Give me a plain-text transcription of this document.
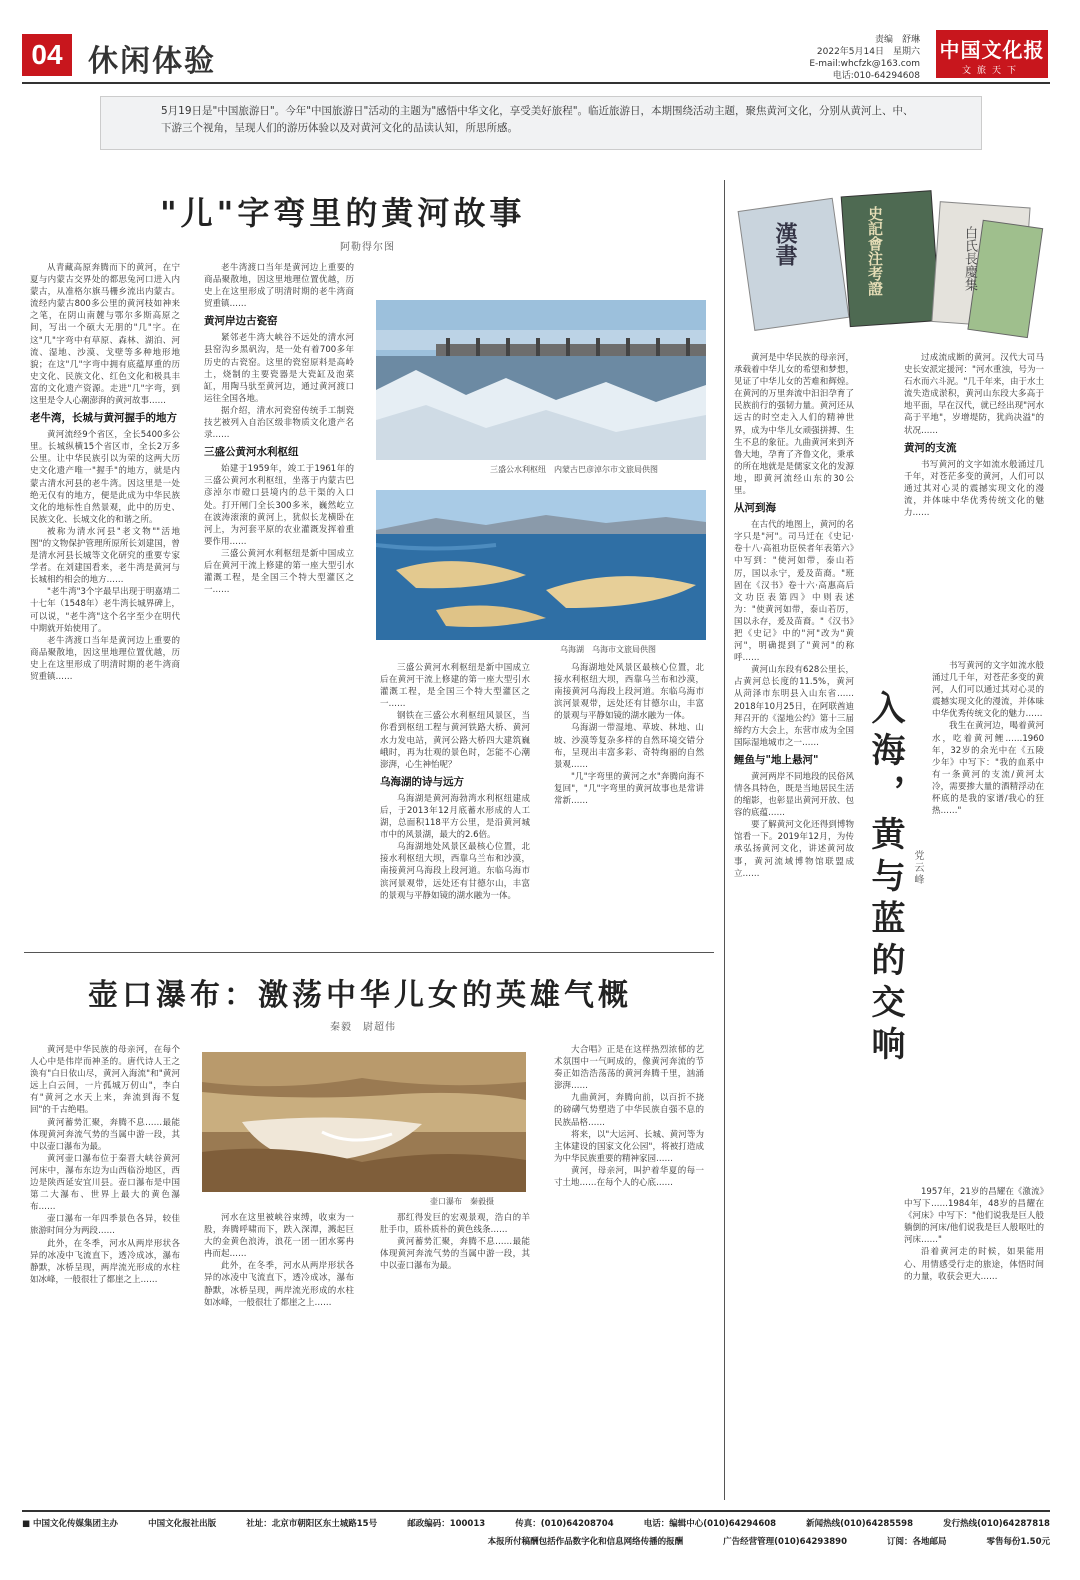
04 休闲体验
责编　舒琳
2022年5月14日　星期六
E-mail:whcfzk@163.com
电话:010-64294608
中国文化报
文旅天下

5月19日是"中国旅游日"。今年"中国旅游日"活动的主题为"感悟中华文化，享受美好旅程"。临近旅游日，本期围绕活动主题，聚焦黄河文化，分别从黄河上、中、下游三个视角，呈现人们的游历体验以及对黄河文化的品读认知，所思所感。

"儿"字弯里的黄河故事
阿勒得尔图

从青藏高原奔腾而下的黄河，在宁夏与内蒙古交界处的都思兔河口进入内蒙古，从准格尔旗马栅乡流出内蒙古。流经内蒙古800多公里的黄河枝如神来之笔，在阴山南麓与鄂尔多斯高原之间，写出一个硕大无朋的"几"字。在这"几"字弯中有草原、森林、湖泊、河流、湿地、沙漠、戈壁等多种地形地貌；在这"几"字弯中拥有底蕴厚重的历史文化、民族文化、红色文化和极具丰富的文化遗产资源。走进"几"字弯，到这里是令人心潮澎湃的黄河故事……

老牛湾，长城与黄河握手的地方

黄河流经9个省区，全长5400多公里。长城纵横15个省区市，全长2万多公里。让中华民族引以为荣的这两大历史文化遗产唯一"握手"的地方，就是内蒙古清水河县的老牛湾。因这里是一处绝无仅有的地方，便是此成为中华民族文化的地标性自然景观，此中的历史、民族文化、长城文化的和谐之所。

被称为清水河县"老文物""活地图"的文物保护管理所原所长刘建国，曾是清水河县长城等文化研究的重要专家学者。在刘建国看来，老牛湾是黄河与长城相约相会的地方……

"老牛湾"3个字最早出现于明嘉靖二十七年（1548年）老牛湾长城界碑上，可以说，"老牛湾"这个名字至少在明代中期就开始使用了。

老牛湾渡口当年是黄河边上重要的商品聚散地，因这里地理位置优越，历史上在这里形成了明清时期的老牛湾商贸重镇……

老牛湾渡口当年是黄河边上重要的商品聚散地，因这里地理位置优越，历史上在这里形成了明清时期的老牛湾商贸重镇……

黄河岸边古瓷窑

紧邻老牛湾大峡谷不远处的清水河县窑沟乡黑矾沟，是一处有着700多年历史的古瓷窑。这里的瓷窑原料是高岭土，烧制的主要瓷器是大瓷缸及泡菜缸，用陶马驮至黄河边，通过黄河渡口运往全国各地。

据介绍，清水河瓷窑传统手工制瓷技艺被列入自治区级非物质文化遗产名录……

三盛公黄河水利枢纽

始建于1959年，竣工于1961年的三盛公黄河水利枢纽，坐落于内蒙古巴彦淖尔市磴口县境内的总干渠的入口处。打开闸门全长300多米，巍然屹立在波涛滚滚的黄河上，犹似长龙横卧在河上，为河套平原的农业灌溉发挥着重要作用……

三盛公黄河水利枢纽是新中国成立后在黄河干流上修建的第一座大型引水灌溉工程，是全国三个特大型灌区之一……

三盛公水利枢纽　内蒙古巴彦淖尔市文旅局供图
乌海湖　乌海市文旅局供图

三盛公黄河水利枢纽是新中国成立后在黄河干流上修建的第一座大型引水灌溉工程，是全国三个特大型灌区之一……

钢铁在三盛公水利枢纽风景区，当你看到枢纽工程与黄河铁路大桥、黄河水力发电站，黄河公路大桥四大建筑巍峨时，再为壮观的景色时，怎能不心潮澎湃，心生神怡呢？

乌海湖的诗与远方

乌海湖是黄河海勃湾水利枢纽建成后，于2013年12月底蓄水形成的人工湖，总面积118平方公里，是沿黄河城市中的风景湖，最大的2.6倍。

乌海湖地处风景区最核心位置，北接水利枢纽大坝，西靠乌兰布和沙漠，南接黄河乌海段上段河道。东临乌海市滨河景观带，远处还有甘德尔山，丰富的景观与平静如镜的湖水融为一体。

乌海湖地处风景区最核心位置，北接水利枢纽大坝，西靠乌兰布和沙漠，南接黄河乌海段上段河道。东临乌海市滨河景观带，远处还有甘德尔山，丰富的景观与平静如镜的湖水融为一体。

乌海湖一带湿地、草坡、林地、山坡、沙漠等复杂多样的自然环境交错分布，呈现出丰富多彩、奇特绚丽的自然景观……

"几"字弯里的黄河之水"奔腾向海不复回"，"几"字弯里的黄河故事也是常讲常新……

壶口瀑布：激荡中华儿女的英雄气概
秦毅　尉超伟

黄河是中华民族的母亲河，在每个人心中是伟岸而神圣的。唐代诗人王之涣有"白日依山尽，黄河入海流"和"黄河远上白云间，一片孤城万仞山"，李白有"黄河之水天上来，奔流到海不复回"的千古绝唱。

黄河蓄势汇聚，奔腾不息……最能体现黄河奔流气势的当属中游一段，其中以壶口瀑布为最。

黄河壶口瀑布位于秦晋大峡谷黄河河床中，瀑布东边为山西临汾地区，西边是陕西延安宜川县。壶口瀑布是中国第二大瀑布、世界上最大的黄色瀑布……

壶口瀑布一年四季景色各异，较佳旅游时间分为两段……

此外，在冬季，河水从两岸形状各异的冰凌中飞流直下，透冷成冰，瀑布静默，冰桥呈现，两岸流光形成的水柱如冰峰，一般很壮了都崖之上……

壶口瀑布　秦毅摄

河水在这里被峡谷束缚，收束为一股，奔腾呼啸而下，跌入深潭，溅起巨大的金黄色浪涛，浪花一团一团水雾冉冉而起……

此外，在冬季，河水从两岸形状各异的冰凌中飞流直下，透冷成冰，瀑布静默，冰桥呈现，两岸流光形成的水柱如冰峰，一般很壮了都崖之上……

那红得发巨的宏观景观，浩白的羊肚手巾，质朴质朴的黄色线条……

黄河蓄势汇聚，奔腾不息……最能体现黄河奔流气势的当属中游一段，其中以壶口瀑布为最。

大合唱》正是在这样热烈浓郁的艺术氛围中一气呵成的，像黄河奔流的节奏正如浩浩荡荡的黄河奔腾千里，汹涌澎湃……

九曲黄河，奔腾向前，以百折不挠的磅礴气势塑造了中华民族自强不息的民族品格……

将来，以"大运河、长城、黄河等为主体建设的国家文化公园"，将被打造成为中华民族重要的精神家园……

黄河，母亲河，叫护着华夏的每一寸土地……在每个人的心底……

漢書	史記會注考證	白氏長慶集

黄河是中华民族的母亲河，承载着中华儿女的希望和梦想，见证了中华儿女的苦难和辉煌。在黄河的万里奔流中汩汩孕育了民族前行的强韧力量。黄河还从远古的时空走入人们的精神世界，成为中华儿女顽强拼搏、生生不息的象征。九曲黄河来到齐鲁大地，孕育了齐鲁文化，秉承的所在地就是是儒家文化的发源地，即黄河流经山东的30公里。

从河到海

在古代的地图上，黄河的名字只是"河"。司马迁在《史记·卷十八·高祖功臣侯者年表第六》中写到："使河如带，泰山若厉，国以永宁，爰及苗裔。"班固在《汉书》卷十六·高惠高后文功臣表第四》中则表述为："使黄河如带，泰山若厉，国以永存，爰及苗裔。"《汉书》把《史记》中的"河"改为"黄河"，明确提到了"黄河"的称呼……

黄河山东段有628公里长，占黄河总长度的11.5%，黄河从菏泽市东明县入山东省……2018年10月25日，在阿联酋迪拜召开的《湿地公约》第十三届缔约方大会上，东营市成为全国国际湿地城市之一……

鲤鱼与"地上悬河"

黄河两岸不同地段的民俗风情各具特色，既是当地居民生活的缩影，也彰显出黄河开放、包容的底蕴……

要了解黄河文化还得到博物馆看一下。2019年12月，为传承弘扬黄河文化，讲述黄河故事，黄河流域博物馆联盟成立……	入海，黄与蓝的交响 党云峰

过成流成断的黄河。汉代大司马史长安派定援河："河水重浊，号为一石水而六斗泥。"几千年来，由于水土流失造成淤积，黄河山东段大多高于地平面，早在汉代，就已经出现"河水高于平地"，岁增堤防，犹尚决溢"的状况……

黄河的支流

书写黄河的文字如流水般涌过几千年，对苍茫多变的黄河，人们可以通过其对心灵的震撼实现文化的漫流，并体味中华优秀传统文化的魅力……

书写黄河的文字如流水般涌过几千年，对苍茫多变的黄河，人们可以通过其对心灵的震撼实现文化的漫流，并体味中华优秀传统文化的魅力……

我生在黄河边，喝着黄河水，吃着黄河鲤……1960年，32岁的余光中在《五陵少年》中写下："我的血系中有一条黄河的支流/黄河太冷，需要掺大量的酒精浮动在杯底的是我的家谱/我心的狂热……"

1957年，21岁的昌耀在《激流》中写下……1984年，48岁的昌耀在《河床》中写下："他们说我是巨人般躺倒的河床/他们说我是巨人般呕吐的河床……"

沿着黄河走的时候，如果能用心、用情感受行走的旅途，体悟时间的力量，收获会更大……

■ 中国文化传媒集团主办	中国文化报社出版	社址：北京市朝阳区东土城路15号	邮政编码：100013	传真：(010)64208704	电话：编辑中心(010)64294608	新闻热线(010)64285598	发行热线(010)64287818
本报所付稿酬包括作品数字化和信息网络传播的报酬	广告经营管理(010)64293890	订阅：各地邮局	零售每份1.50元
